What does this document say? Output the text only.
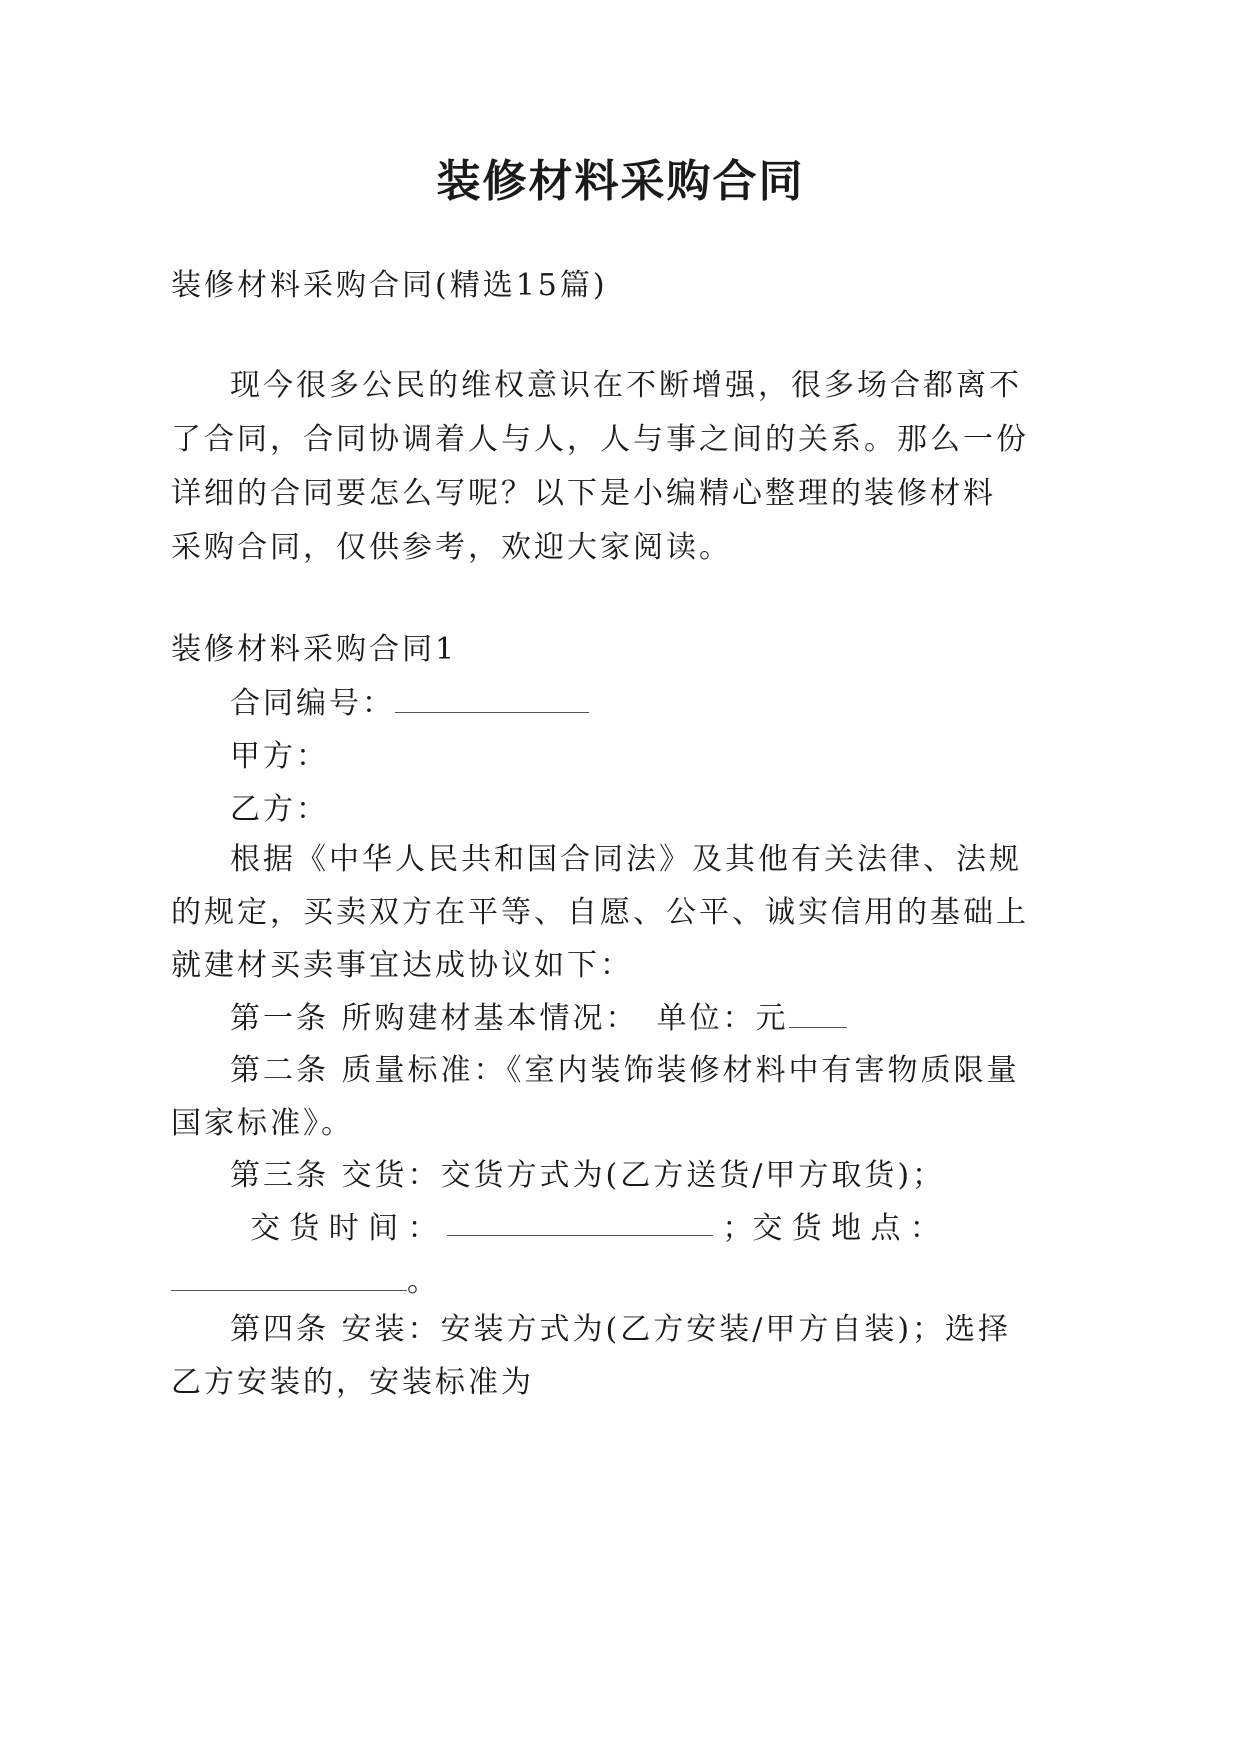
装修材料采购合同
装修材料采购合同(精选15篇)
现今很多公民的维权意识在不断增强，很多场合都离不
了合同，合同协调着人与人，人与事之间的关系。那么一份
详细的合同要怎么写呢？以下是小编精心整理的装修材料
采购合同，仅供参考，欢迎大家阅读。
装修材料采购合同1
合同编号：
甲方：
乙方：
根据《中华人民共和国合同法》及其他有关法律、法规
的规定，买卖双方在平等、自愿、公平、诚实信用的基础上
就建材买卖事宜达成协议如下：
第一条 所购建材基本情况： 单位：元
第二条 质量标准：《室内装饰装修材料中有害物质限量
国家标准》。
第三条 交货：交货方式为(乙方送货/甲方取货)；
交 货 时 间 ：	；交 货 地 点 ：
。
第四条 安装：安装方式为(乙方安装/甲方自装)；选择
乙方安装的，安装标准为
